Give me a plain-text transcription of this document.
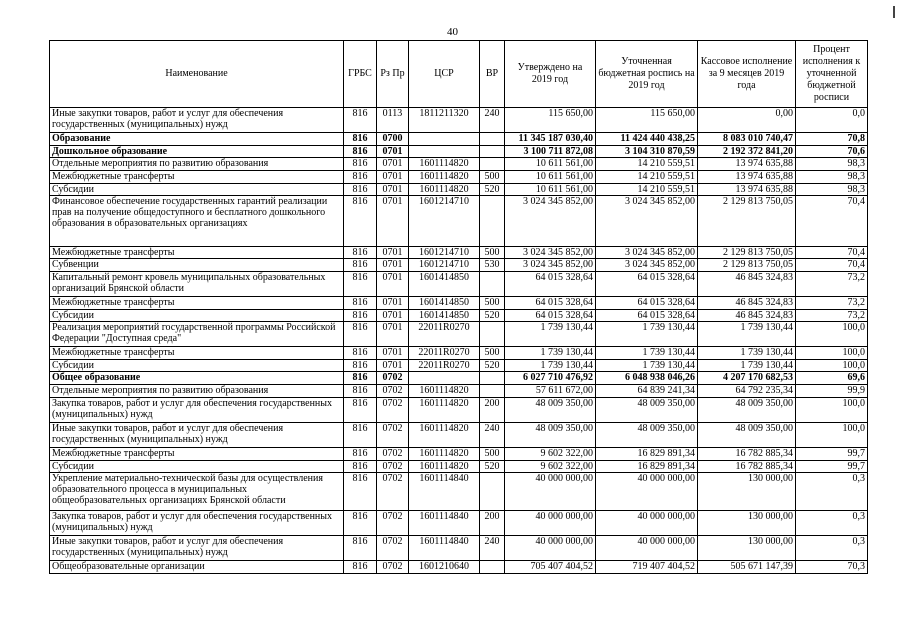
40
Наименование	ГРБС	Рз Пр	ЦСР	ВР	Утверждено на 2019 год	Уточненная бюджетная роспись на 2019 год	Кассовое исполнение за 9 месяцев 2019 года	Процент исполнения к уточненной бюджетной росписи
Иные закупки товаров, работ и услуг для обеспечения государственных (муниципальных) нужд	816	0113	1811211320	240	115 650,00	115 650,00	0,00	0,0
Образование	816	0700			11 345 187 030,40	11 424 440 438,25	8 083 010 740,47	70,8
Дошкольное образование	816	0701			3 100 711 872,08	3 104 310 870,59	2 192 372 841,20	70,6
Отдельные мероприятия по развитию образования	816	0701	1601114820		10 611 561,00	14 210 559,51	13 974 635,88	98,3
Межбюджетные трансферты	816	0701	1601114820	500	10 611 561,00	14 210 559,51	13 974 635,88	98,3
Субсидии	816	0701	1601114820	520	10 611 561,00	14 210 559,51	13 974 635,88	98,3
Финансовое обеспечение государственных гарантий реализации прав на получение общедоступного и бесплатного дошкольного образования в образовательных организациях	816	0701	1601214710		3 024 345 852,00	3 024 345 852,00	2 129 813 750,05	70,4
Межбюджетные трансферты	816	0701	1601214710	500	3 024 345 852,00	3 024 345 852,00	2 129 813 750,05	70,4
Субвенции	816	0701	1601214710	530	3 024 345 852,00	3 024 345 852,00	2 129 813 750,05	70,4
Капитальный ремонт кровель муниципальных образовательных организаций Брянской области	816	0701	1601414850		64 015 328,64	64 015 328,64	46 845 324,83	73,2
Межбюджетные трансферты	816	0701	1601414850	500	64 015 328,64	64 015 328,64	46 845 324,83	73,2
Субсидии	816	0701	1601414850	520	64 015 328,64	64 015 328,64	46 845 324,83	73,2
Реализация мероприятий государственной программы Российской Федерации "Доступная среда"	816	0701	22011R0270		1 739 130,44	1 739 130,44	1 739 130,44	100,0
Межбюджетные трансферты	816	0701	22011R0270	500	1 739 130,44	1 739 130,44	1 739 130,44	100,0
Субсидии	816	0701	22011R0270	520	1 739 130,44	1 739 130,44	1 739 130,44	100,0
Общее образование	816	0702			6 027 710 476,92	6 048 938 046,26	4 207 170 682,53	69,6
Отдельные мероприятия по развитию образования	816	0702	1601114820		57 611 672,00	64 839 241,34	64 792 235,34	99,9
Закупка товаров, работ и услуг для обеспечения государственных (муниципальных) нужд	816	0702	1601114820	200	48 009 350,00	48 009 350,00	48 009 350,00	100,0
Иные закупки товаров, работ и услуг для обеспечения государственных (муниципальных) нужд	816	0702	1601114820	240	48 009 350,00	48 009 350,00	48 009 350,00	100,0
Межбюджетные трансферты	816	0702	1601114820	500	9 602 322,00	16 829 891,34	16 782 885,34	99,7
Субсидии	816	0702	1601114820	520	9 602 322,00	16 829 891,34	16 782 885,34	99,7
Укрепление материально-технической базы для осуществления образовательного процесса в муниципальных общеобразовательных организациях Брянской области	816	0702	1601114840		40 000 000,00	40 000 000,00	130 000,00	0,3
Закупка товаров, работ и услуг для обеспечения государственных (муниципальных) нужд	816	0702	1601114840	200	40 000 000,00	40 000 000,00	130 000,00	0,3
Иные закупки товаров, работ и услуг для обеспечения государственных (муниципальных) нужд	816	0702	1601114840	240	40 000 000,00	40 000 000,00	130 000,00	0,3
Общеобразовательные организации	816	0702	1601210640		705 407 404,52	719 407 404,52	505 671 147,39	70,3
